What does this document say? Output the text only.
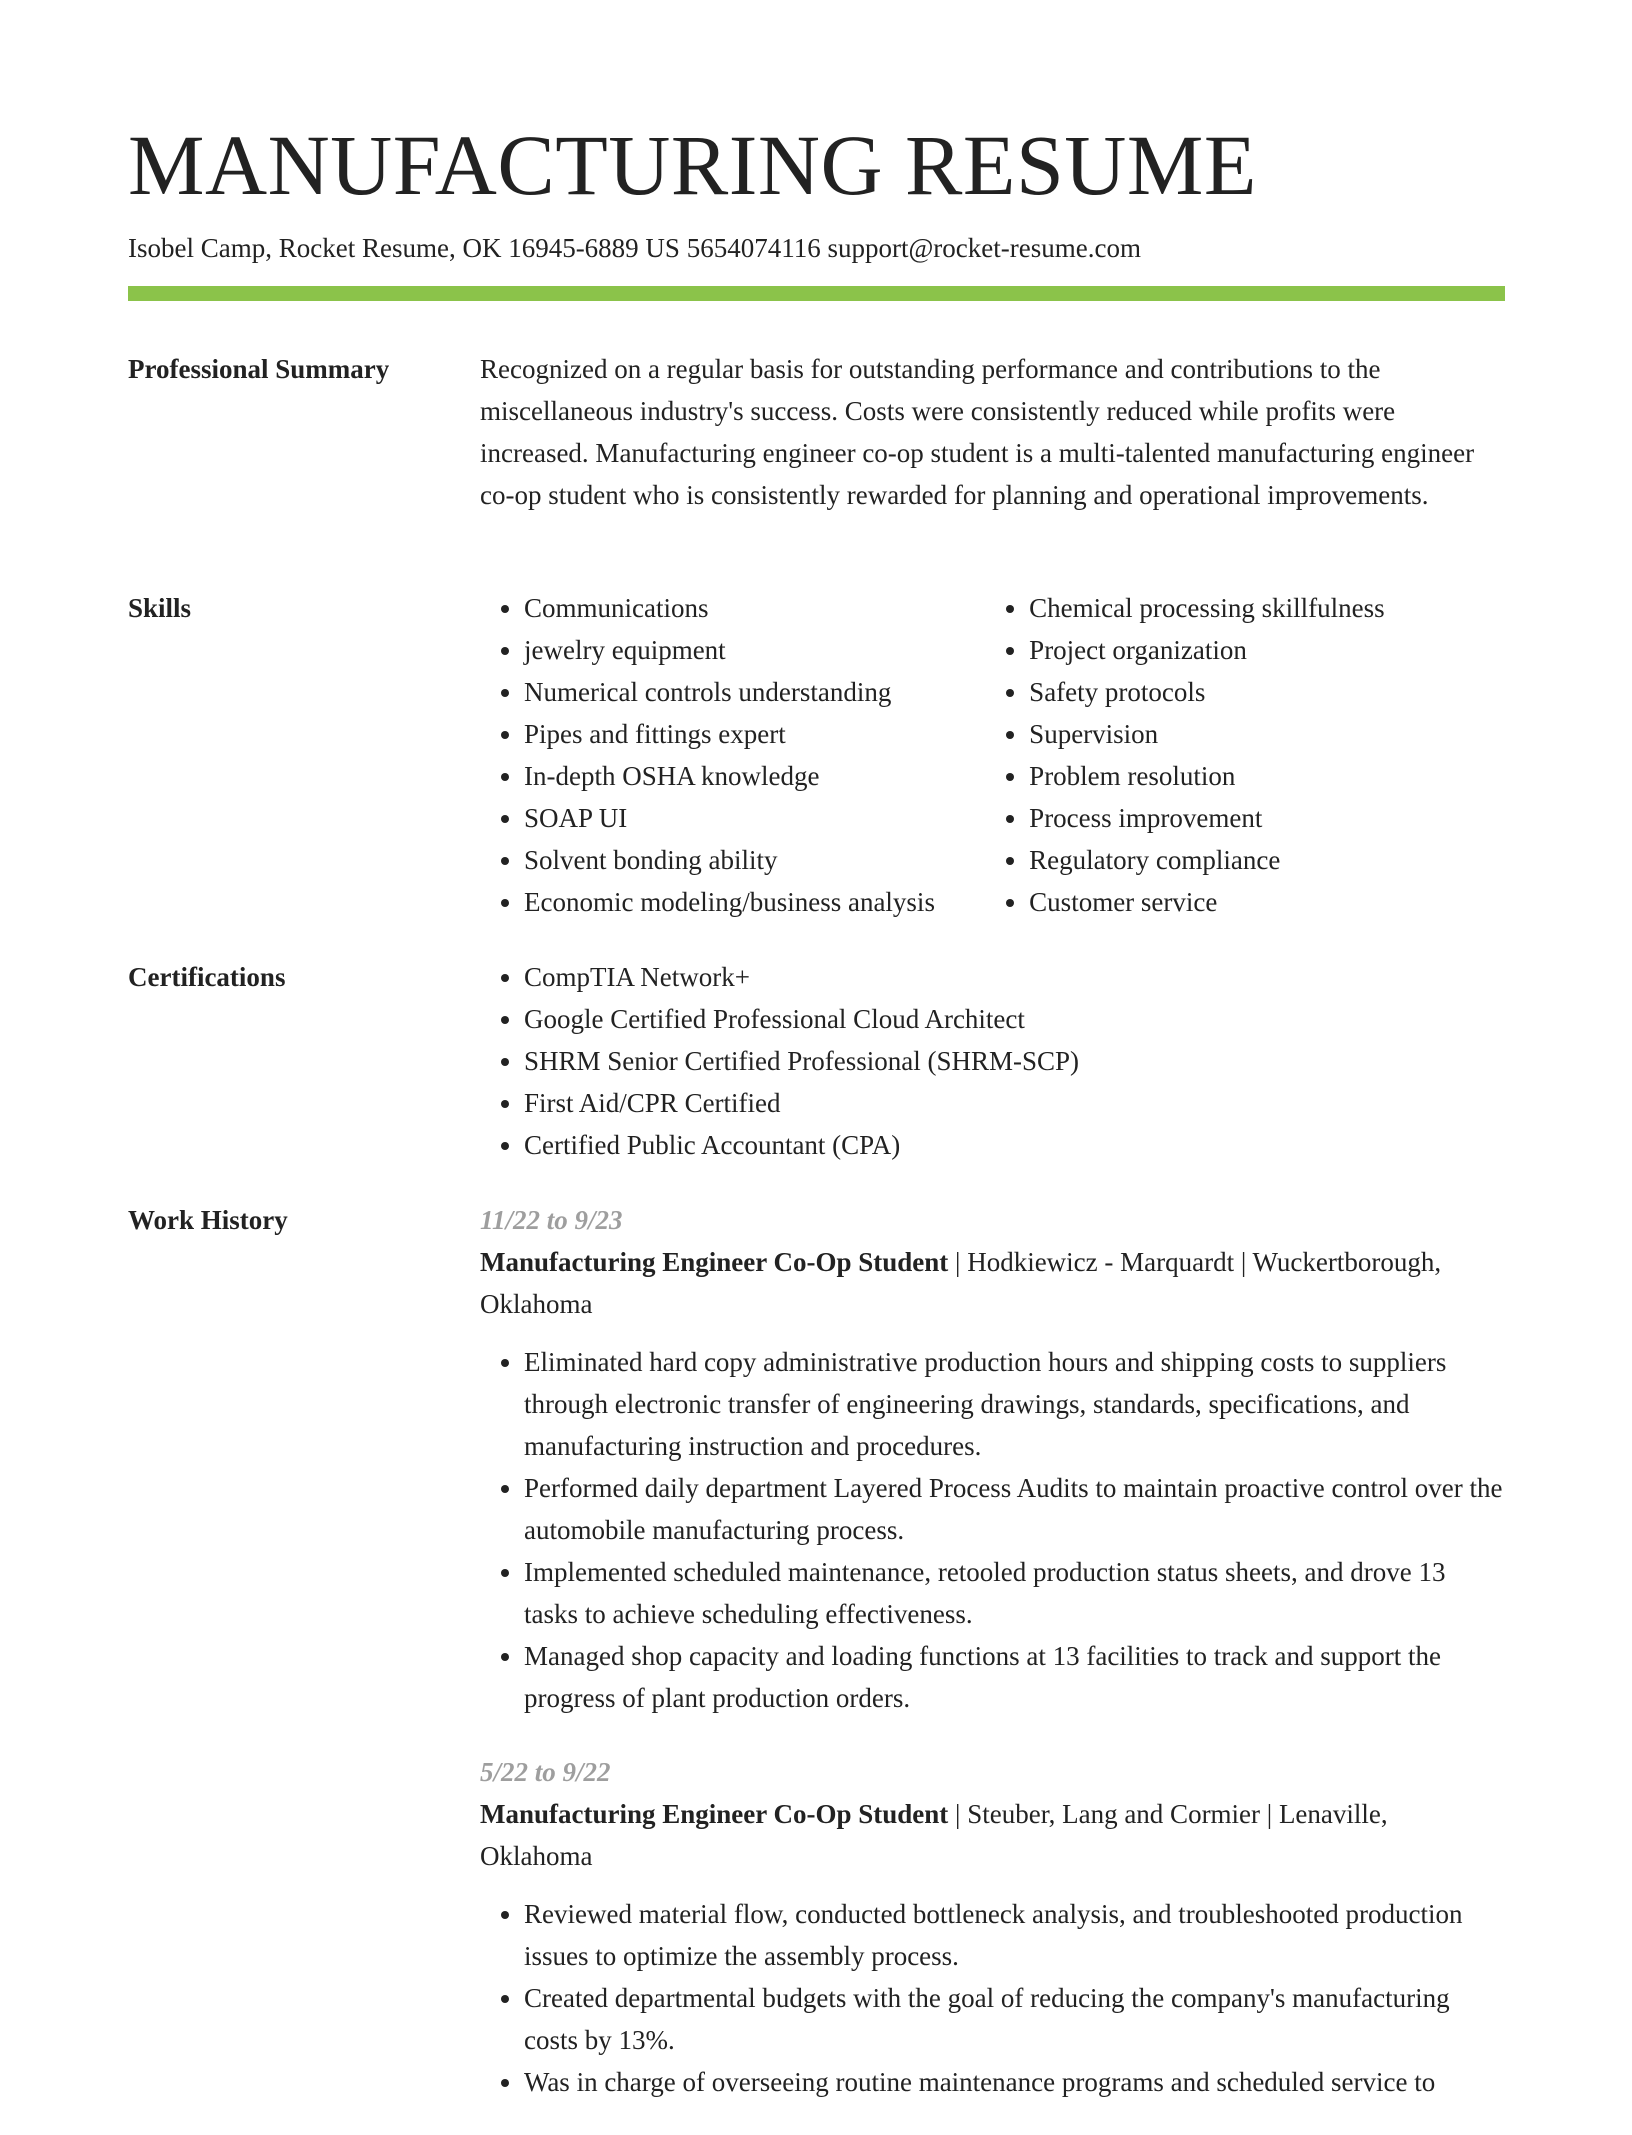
MANUFACTURING RESUME
Isobel Camp, Rocket Resume, OK 16945-6889 US 5654074116 support@rocket-resume.com
Professional Summary	Recognized on a regular basis for outstanding performance and contributions to the miscellaneous industry's success. Costs were consistently reduced while profits were increased. Manufacturing engineer co-op student is a multi-talented manufacturing engineer co-op student who is consistently rewarded for planning and operational improvements.

Skills	• Communications
• jewelry equipment
• Numerical controls understanding
• Pipes and fittings expert
• In-depth OSHA knowledge
• SOAP UI
• Solvent bonding ability
• Economic modeling/business analysis
• Chemical processing skillfulness
• Project organization
• Safety protocols
• Supervision
• Problem resolution
• Process improvement
• Regulatory compliance
• Customer service
Certifications	• CompTIA Network+
• Google Certified Professional Cloud Architect
• SHRM Senior Certified Professional (SHRM-SCP)
• First Aid/CPR Certified
• Certified Public Accountant (CPA)
Work History	11/22 to 9/23
Manufacturing Engineer Co-Op Student | Hodkiewicz - Marquardt | Wuckertborough, Oklahoma
• Eliminated hard copy administrative production hours and shipping costs to suppliers through electronic transfer of engineering drawings, standards, specifications, and manufacturing instruction and procedures.
• Performed daily department Layered Process Audits to maintain proactive control over the automobile manufacturing process.
• Implemented scheduled maintenance, retooled production status sheets, and drove 13 tasks to achieve scheduling effectiveness.
• Managed shop capacity and loading functions at 13 facilities to track and support the progress of plant production orders.
5/22 to 9/22
Manufacturing Engineer Co-Op Student | Steuber, Lang and Cormier | Lenaville, Oklahoma
• Reviewed material flow, conducted bottleneck analysis, and troubleshooted production issues to optimize the assembly process.
• Created departmental budgets with the goal of reducing the company's manufacturing costs by 13%.
• Was in charge of overseeing routine maintenance programs and scheduled service to
